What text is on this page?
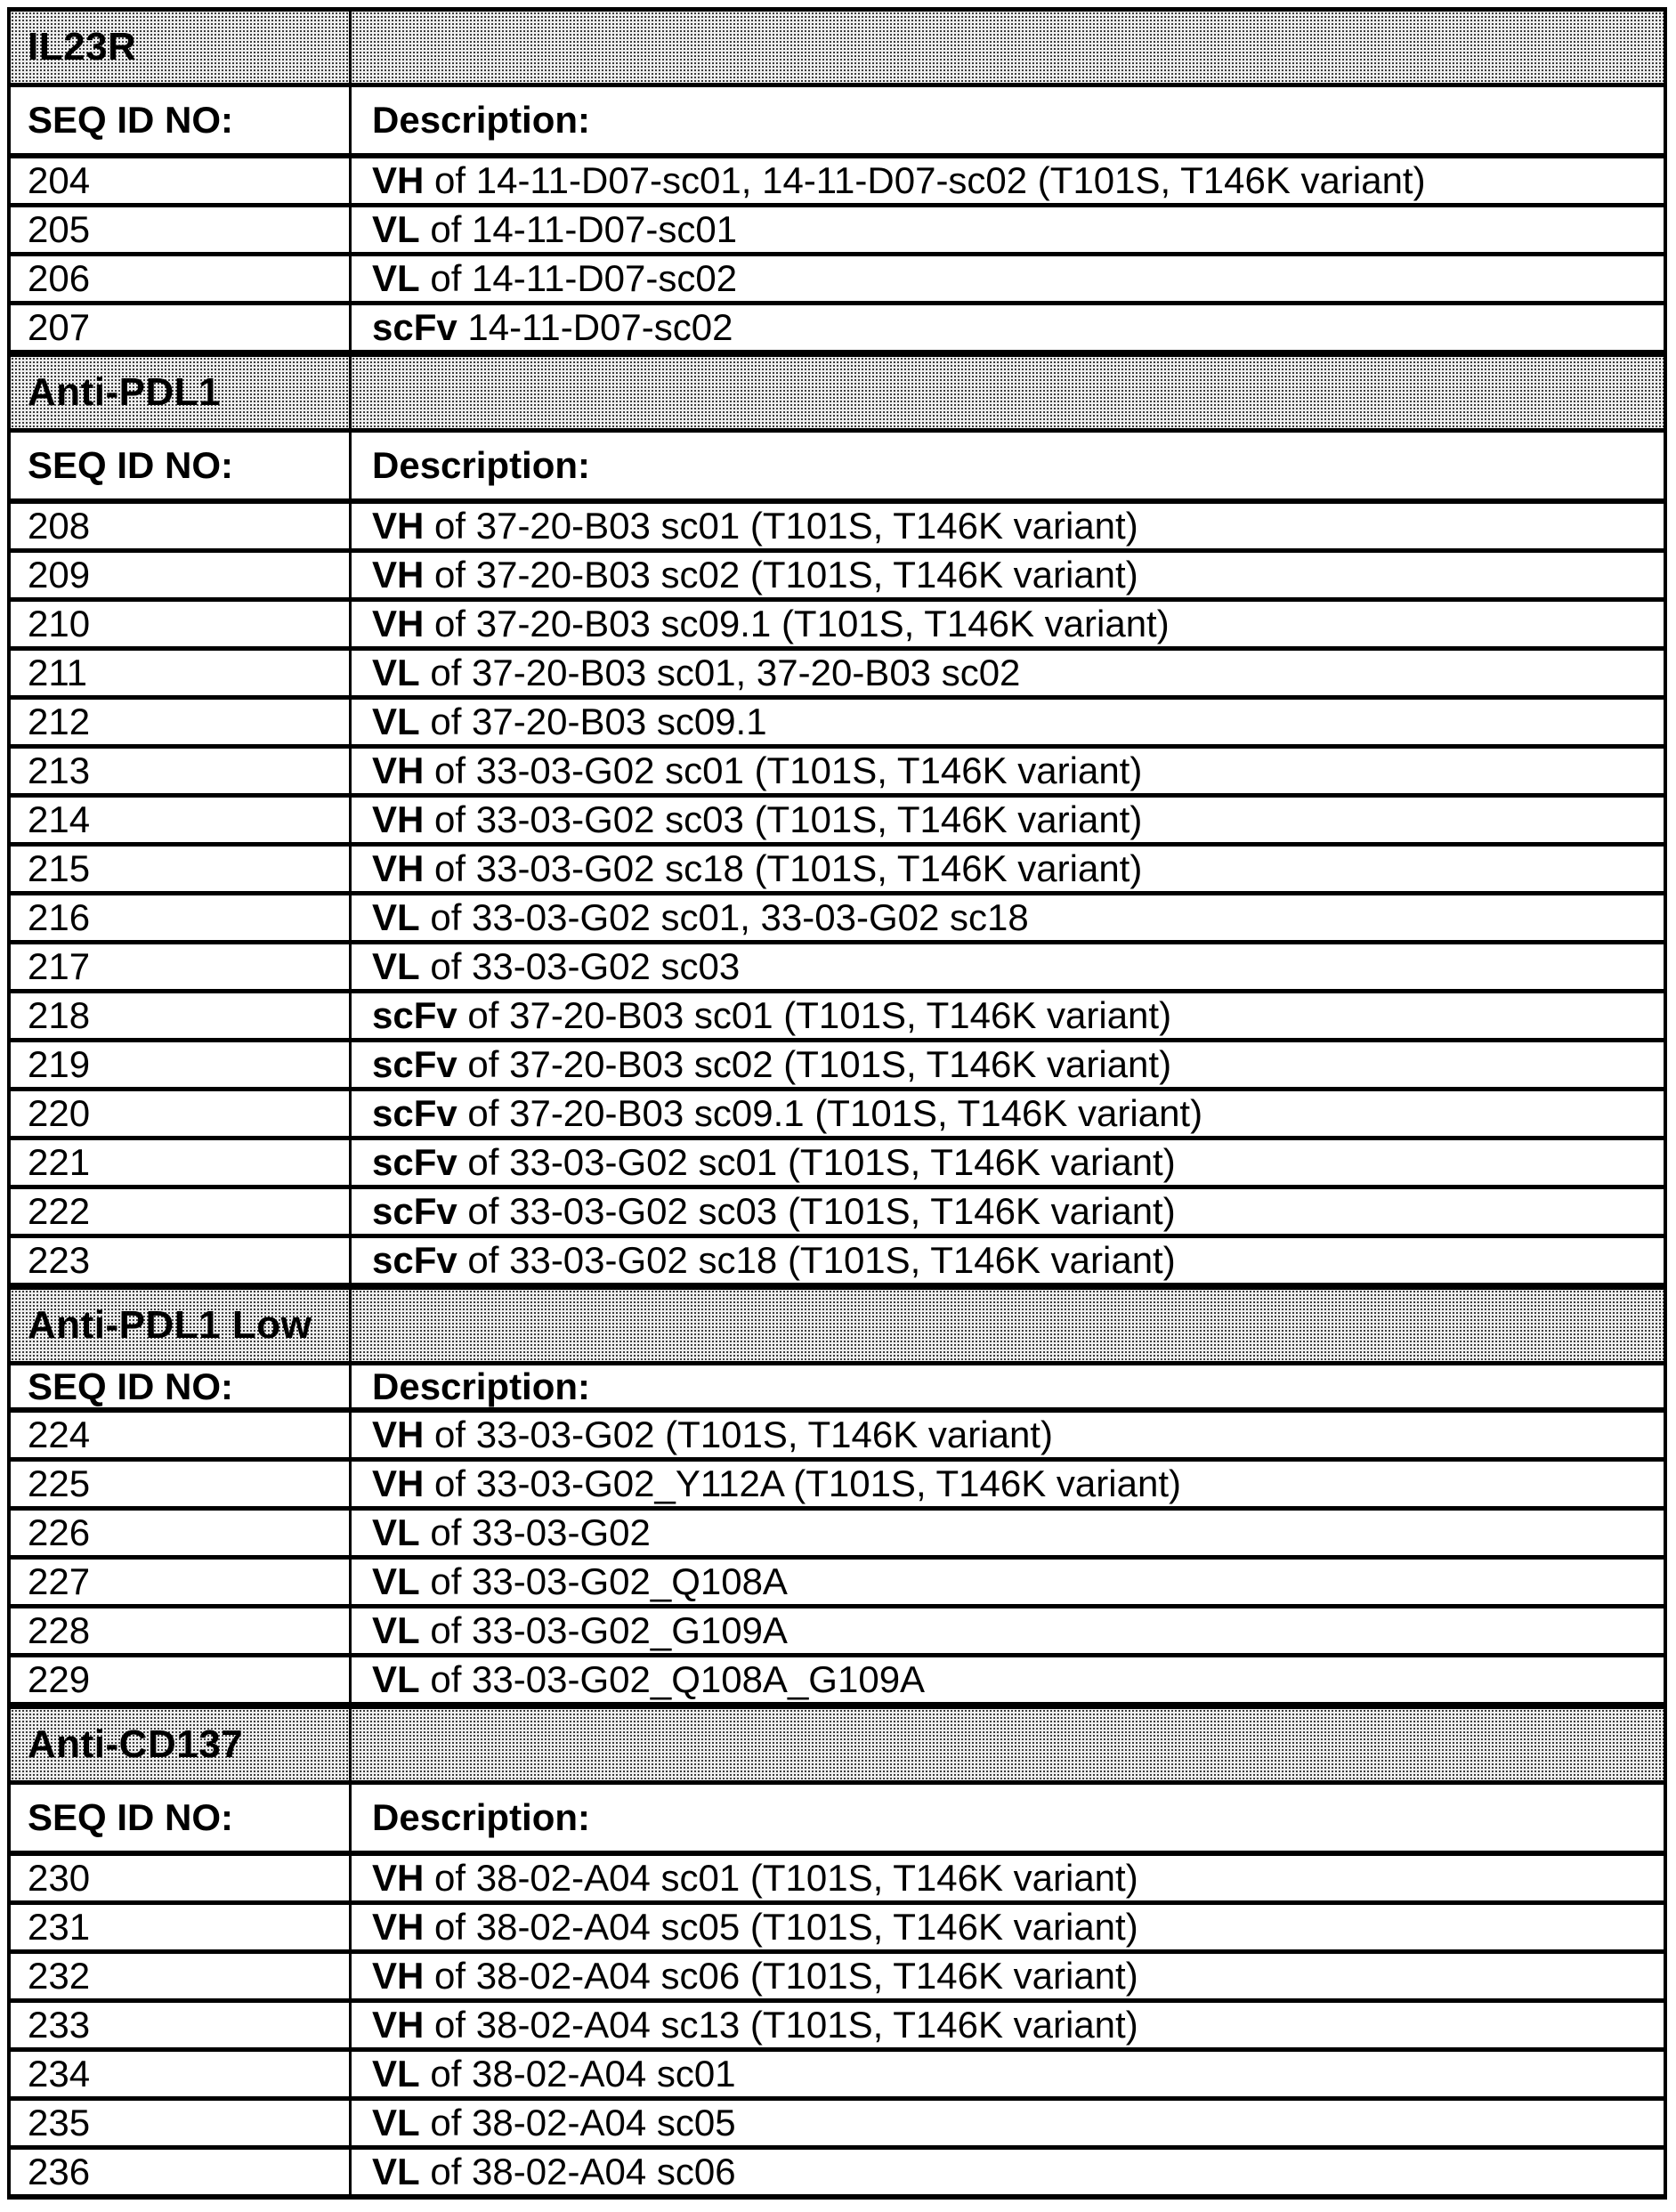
IL23R
SEQ ID NO:	Description:
204	VH of 14-11-D07-sc01, 14-11-D07-sc02 (T101S, T146K variant)
205	VL of 14-11-D07-sc01
206	VL of 14-11-D07-sc02
207	scFv 14-11-D07-sc02
Anti-PDL1
SEQ ID NO:	Description:
208	VH of 37-20-B03 sc01 (T101S, T146K variant)
209	VH of 37-20-B03 sc02 (T101S, T146K variant)
210	VH of 37-20-B03 sc09.1 (T101S, T146K variant)
211	VL of 37-20-B03 sc01, 37-20-B03 sc02
212	VL of 37-20-B03 sc09.1
213	VH of 33-03-G02 sc01 (T101S, T146K variant)
214	VH of 33-03-G02 sc03 (T101S, T146K variant)
215	VH of 33-03-G02 sc18 (T101S, T146K variant)
216	VL of 33-03-G02 sc01, 33-03-G02 sc18
217	VL of 33-03-G02 sc03
218	scFv of 37-20-B03 sc01 (T101S, T146K variant)
219	scFv of 37-20-B03 sc02 (T101S, T146K variant)
220	scFv of 37-20-B03 sc09.1 (T101S, T146K variant)
221	scFv of 33-03-G02 sc01 (T101S, T146K variant)
222	scFv of 33-03-G02 sc03 (T101S, T146K variant)
223	scFv of 33-03-G02 sc18 (T101S, T146K variant)
Anti-PDL1 Low
SEQ ID NO:	Description:
224	VH of 33-03-G02 (T101S, T146K variant)
225	VH of 33-03-G02_Y112A (T101S, T146K variant)
226	VL of 33-03-G02
227	VL of 33-03-G02_Q108A
228	VL of 33-03-G02_G109A
229	VL of 33-03-G02_Q108A_G109A
Anti-CD137
SEQ ID NO:	Description:
230	VH of 38-02-A04 sc01 (T101S, T146K variant)
231	VH of 38-02-A04 sc05 (T101S, T146K variant)
232	VH of 38-02-A04 sc06 (T101S, T146K variant)
233	VH of 38-02-A04 sc13 (T101S, T146K variant)
234	VL of 38-02-A04 sc01
235	VL of 38-02-A04 sc05
236	VL of 38-02-A04 sc06
